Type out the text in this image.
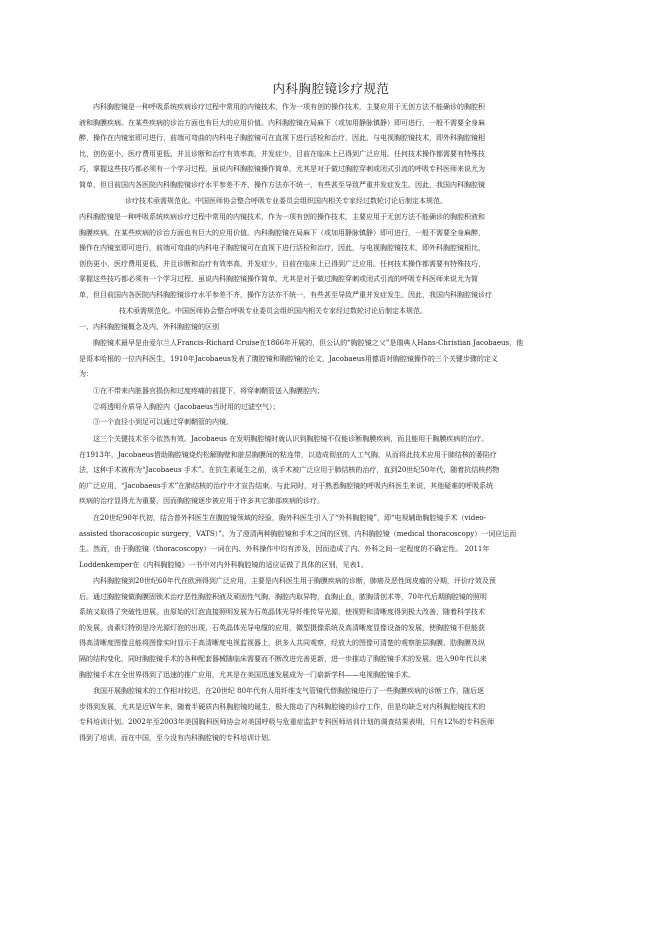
内科胸腔镜诊疗规范

内科胸腔镜是一种呼吸系统疾病诊疗过程中常用的内镜技术，作为一项有创的操作技术，主要应用于无创方法不能确诊的胸腔积

液和胸膜疾病。在某些疾病的诊治方面也有巨大的应用价值。内科胸腔镜在局麻下（或加用静脉镇静）即可进行，一般不需要全身麻

醉，操作在内镜室即可进行，前端可弯曲的内科电子胸腔镜可在直视下进行活检和治疗，因此，与电视胸腔镜技术，即外科胸腔镜相

比，创伤更小，医疗费用更低，并且诊断和治疗有效率高，并发症少，目前在临床上已得到广泛应用。任何技术操作都需要有特殊技

巧，掌握这些技巧都必须有一个学习过程，虽说内科胸腔镜操作简单，尤其是对于做过胸腔穿刺或闭式引流的呼吸专科医师来说尤为

简单，但目前国内各医院内科胸腔镜诊疗水平参差不齐，操作方法亦不统一，有些甚至导致严重并发症发生。因此，我国内科胸腔镜

诊疗技术亟需规范化。中国医师协会整合呼吸专业委员会组织国内相关专家经过数轮讨论后制定本规范。

内科胸腔镜是一种呼吸系统疾病诊疗过程中常用的内镜技术，作为一项有创的操作技术，主要应用于无创方法不能确诊的胸腔积液和

胸膜疾病。在某些疾病的诊治方面也有巨大的应用价值。内科胸腔镜在局麻下（或加用静脉镇静）即可进行，一般不需要全身麻醉，

操作在内镜室即可进行，前端可弯曲的内科电子胸腔镜可在直视下进行活检和治疗，因此，与电视胸腔镜技术，即外科胸腔镜相比，

创伤更小，医疗费用更低，并且诊断和治疗有效率高，并发症少，目前在临床上已得到广泛应用。任何技术操作都需要有特殊技巧，

掌握这些技巧都必须有一个学习过程，虽说内科胸腔镜操作简单，尤其是对于做过胸腔穿刺或闭式引流的呼吸专科医师来说尤为简

单，但目前国内各医院内科胸腔镜诊疗水平参差不齐，操作方法亦不统一，有些甚至导致严重并发症发生。因此，我国内科胸腔镜诊疗

技术亟需规范化。中国医师协会整合呼吸专业委员会组织国内相关专家经过数轮讨论后制定本规范。

一、内科胸腔镜概念及内、外科胸腔镜的区别

胸腔镜术最早是由爱尔兰人Francis-Richard Cruise在1866年开展的，但公认的“胸腔镜之父”是瑞典人Hans-Christian Jacobaeus，他

是哥本哈根的一位内科医生，1910年Jacobaeus发表了腹腔镜和胸腔镜的论文，Jacobaeus用德语对胸腔镜操作的三个关键步骤的定义

为：

①在不带来内脏器官损伤和过度疼痛的前提下，将穿刺鞘管送入胸膜腔内；

②将透明介质导入胸腔内（Jacobaeus当时用的过滤空气）；

③一个直径小到足可以通过穿刺鞘管的内镜。

这三个关键技术至今依然有效。Jacobaeus 在发明胸腔镜时就认识到胸腔镜不仅能诊断胸膜疾病，而且能用于胸膜疾病的治疗。

在1913年，Jacobaeus借助胸腔镜烧灼松解胸壁和脏层胸膜间的粘连带，以造成彻底的人工气胸，从而将此技术应用于肺结核的萎陷疗

法，这种手术被称为“Jacobaeus 手术”。在抗生素诞生之前，该手术被广泛应用于肺结核的治疗，直到20世纪50年代，随着抗结核药物

的广泛应用，“Jacobaeus手术”在肺结核的治疗中才宣告结束。与此同时，对于熟悉胸腔镜的呼吸内科医生来说，其他疑难的呼吸系统

疾病的治疗显得尤为重要，因而胸腔镜逐步被应用于许多其它肺部疾病的诊疗。

在20世纪90年代初，结合普外科医生在腹腔镜领域的经验，胸外科医生引入了“外科胸腔镜”，即“电视辅助胸腔镜手术（video-

assisted thoracoscopic surgery，VATS）”。为了澄清两种胸腔镜和手术之间的区别，内科胸腔镜（medical thoracoscopy）一词应运而

生。然而，由于胸腔镜（thoracoscopy）一词在内、外科操作中均有涉及，因而造成了内、外科之间一定程度的不确定性。 2011年

Loddenkemper在《内科胸腔镜》一书中对内外科胸腔镜的适应证做了具体的区别，见表1。

内科胸腔镜到20世纪60年代在欧洲得到广泛应用，主要是内科医生用于胸膜疾病的诊断，肺癌及恶性间皮瘤的分期，评价疗效及预

后。通过胸腔镜做胸膜固锁术治疗恶性胸腔积液及顽固性气胸，胸腔内取异物，血胸止血，脓胸清创术等，70年代后期胸腔镜的照明

系统又取得了突破性进展，由原始的灯泡直接照明发展为石英晶体光导纤维传导光源，使视野和清晰度得到极大改善，随着科学技术

的发展，卤素灯特别是冷光源灯泡的出现，石英晶体光导电缆的应用，微型摄像系统及高清晰度显像设备的发展，使胸腔镜不但能获

得高清晰度图像且能将图像实时显示于高清晰度电视监视器上，供多人共同观察，经放大的图像可清楚的观察脏层胸膜、肋胸膜及纵

隔的结构变化，同时胸腔镜手术的各种配套器械随临床需要而不断改进完善更新，进一步推动了胸腔镜手术的发展。进入90年代以来

胸腔镜手术在全世界得到了迅速的推广应用，尤其是在美国迅速发展成为一门崭新学科——电视胸腔镜手术。

我国开展胸腔镜术的工作相对较迟，在20世纪 80年代有人用纤维支气管镜代替胸腔镜进行了一些胸膜疾病的诊断工作，随后逐

步得到发展，尤其是近W年来，随着半硬质内科胸腔镜的诞生，极大推动了内科胸腔镜的诊疗工作，但是均缺乏对内科胸腔镜技术的

专科培训计划。2002年至2003年美国胸科医师协会对美国呼吸与危重症监护专科医师培训计划的调查结果表明，只有12%的专科医师

得到了培训，而在中国，至今没有内科胸腔镜的专科培训计划。
